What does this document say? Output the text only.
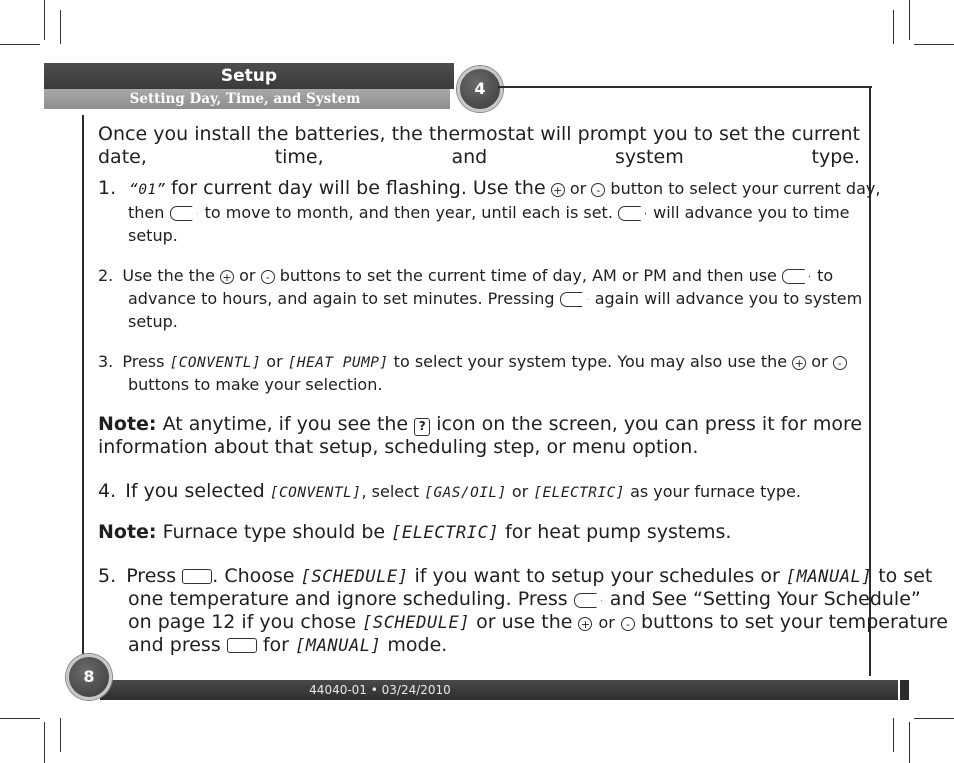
Setup
Setting Day, Time, and System
4
Once you install the batteries, the thermostat will prompt you to set the current date, time, and system type.
1. “01” for current day will be flashing. Use the + or - button to select your current day,
then	to move to month, and then year, until each is set.	will advance you to time
setup.
2. Use the the + or - buttons to set the current time of day, AM or PM and then use	to
advance to hours, and again to set minutes. Pressing	again will advance you to system
setup.
3. Press [CONVENTL] or [HEAT PUMP] to select your system type. You may also use the + or -
buttons to make your selection.
Note: At anytime, if you see the ? icon on the screen, you can press it for more
information about that setup, scheduling step, or menu option.
4. If you selected [CONVENTL], select [GAS/OIL] or [ELECTRIC] as your furnace type.
Note: Furnace type should be [ELECTRIC] for heat pump systems.
5. Press . Choose [SCHEDULE] if you want to setup your schedules or [MANUAL] to set
one temperature and ignore scheduling. Press and See “Setting Your Schedule”
on page 12 if you chose [SCHEDULE] or use the + or - buttons to set your temperature
and press for [MANUAL] mode.
44040-01 • 03/24/2010
8
